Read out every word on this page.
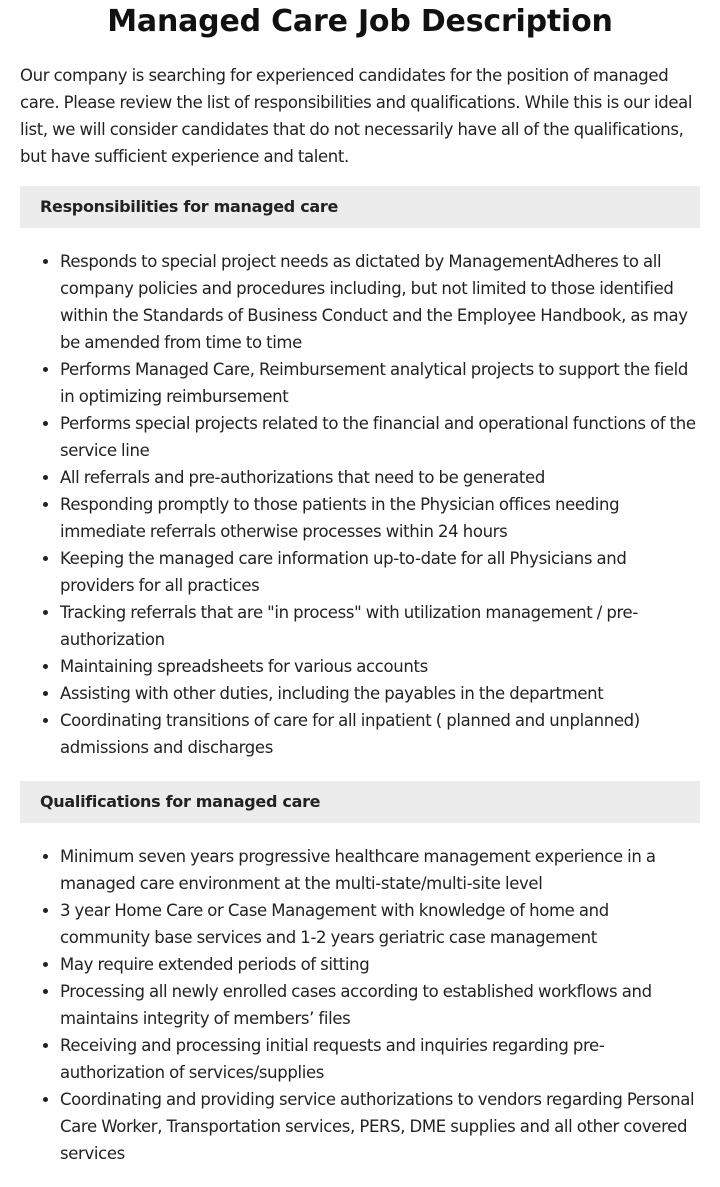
Managed Care Job Description

Our company is searching for experienced candidates for the position of managed care. Please review the list of responsibilities and qualifications. While this is our ideal list, we will consider candidates that do not necessarily have all of the qualifications, but have sufficient experience and talent.

Responsibilities for managed care
• Responds to special project needs as dictated by ManagementAdheres to all company policies and procedures including, but not limited to those identified within the Standards of Business Conduct and the Employee Handbook, as may be amended from time to time
• Performs Managed Care, Reimbursement analytical projects to support the field in optimizing reimbursement
• Performs special projects related to the financial and operational functions of the service line
• All referrals and pre-authorizations that need to be generated
• Responding promptly to those patients in the Physician offices needing immediate referrals otherwise processes within 24 hours
• Keeping the managed care information up-to-date for all Physicians and providers for all practices
• Tracking referrals that are "in process" with utilization management / pre-authorization
• Maintaining spreadsheets for various accounts
• Assisting with other duties, including the payables in the department
• Coordinating transitions of care for all inpatient ( planned and unplanned) admissions and discharges
Qualifications for managed care
• Minimum seven years progressive healthcare management experience in a managed care environment at the multi-state/multi-site level
• 3 year Home Care or Case Management with knowledge of home and community base services and 1-2 years geriatric case management
• May require extended periods of sitting
• Processing all newly enrolled cases according to established workflows and maintains integrity of members’ files
• Receiving and processing initial requests and inquiries regarding pre-authorization of services/supplies
• Coordinating and providing service authorizations to vendors regarding Personal Care Worker, Transportation services, PERS, DME supplies and all other covered services
